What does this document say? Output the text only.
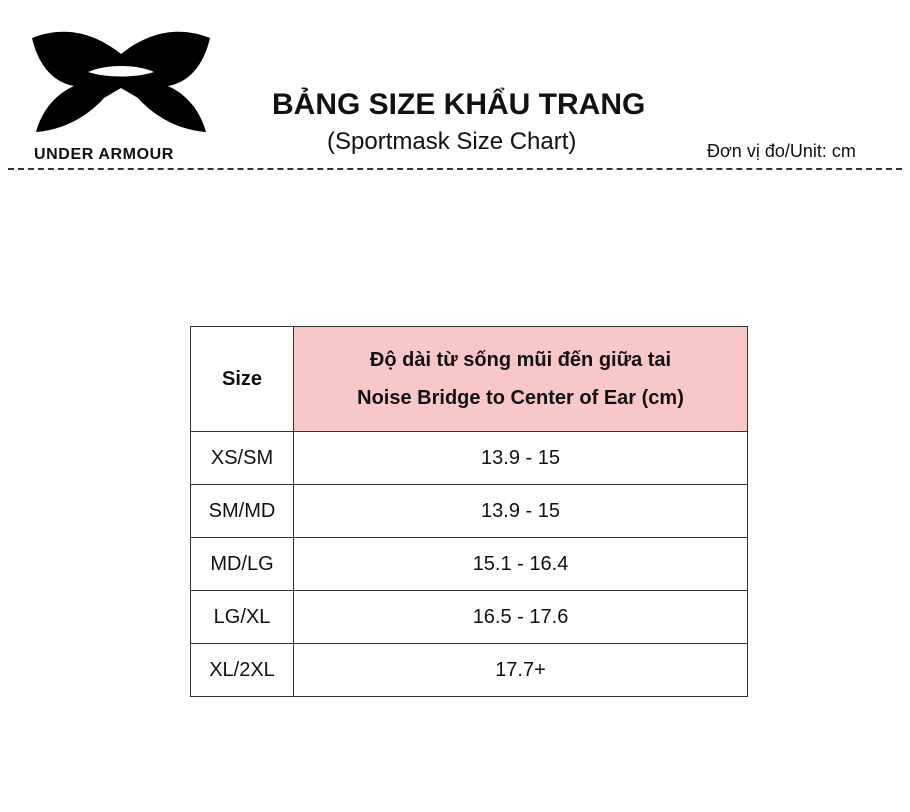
UNDER ARMOUR
BẢNG SIZE KHẨU TRANG
(Sportmask Size Chart)	Đơn vị đo/Unit: cm
Size	Độ dài từ sống mũi đến giữa tai
Noise Bridge to Center of Ear (cm)

XS/SM	13.9 - 15
SM/MD	13.9 - 15
MD/LG	15.1 - 16.4
LG/XL	16.5 - 17.6
XL/2XL	17.7+
